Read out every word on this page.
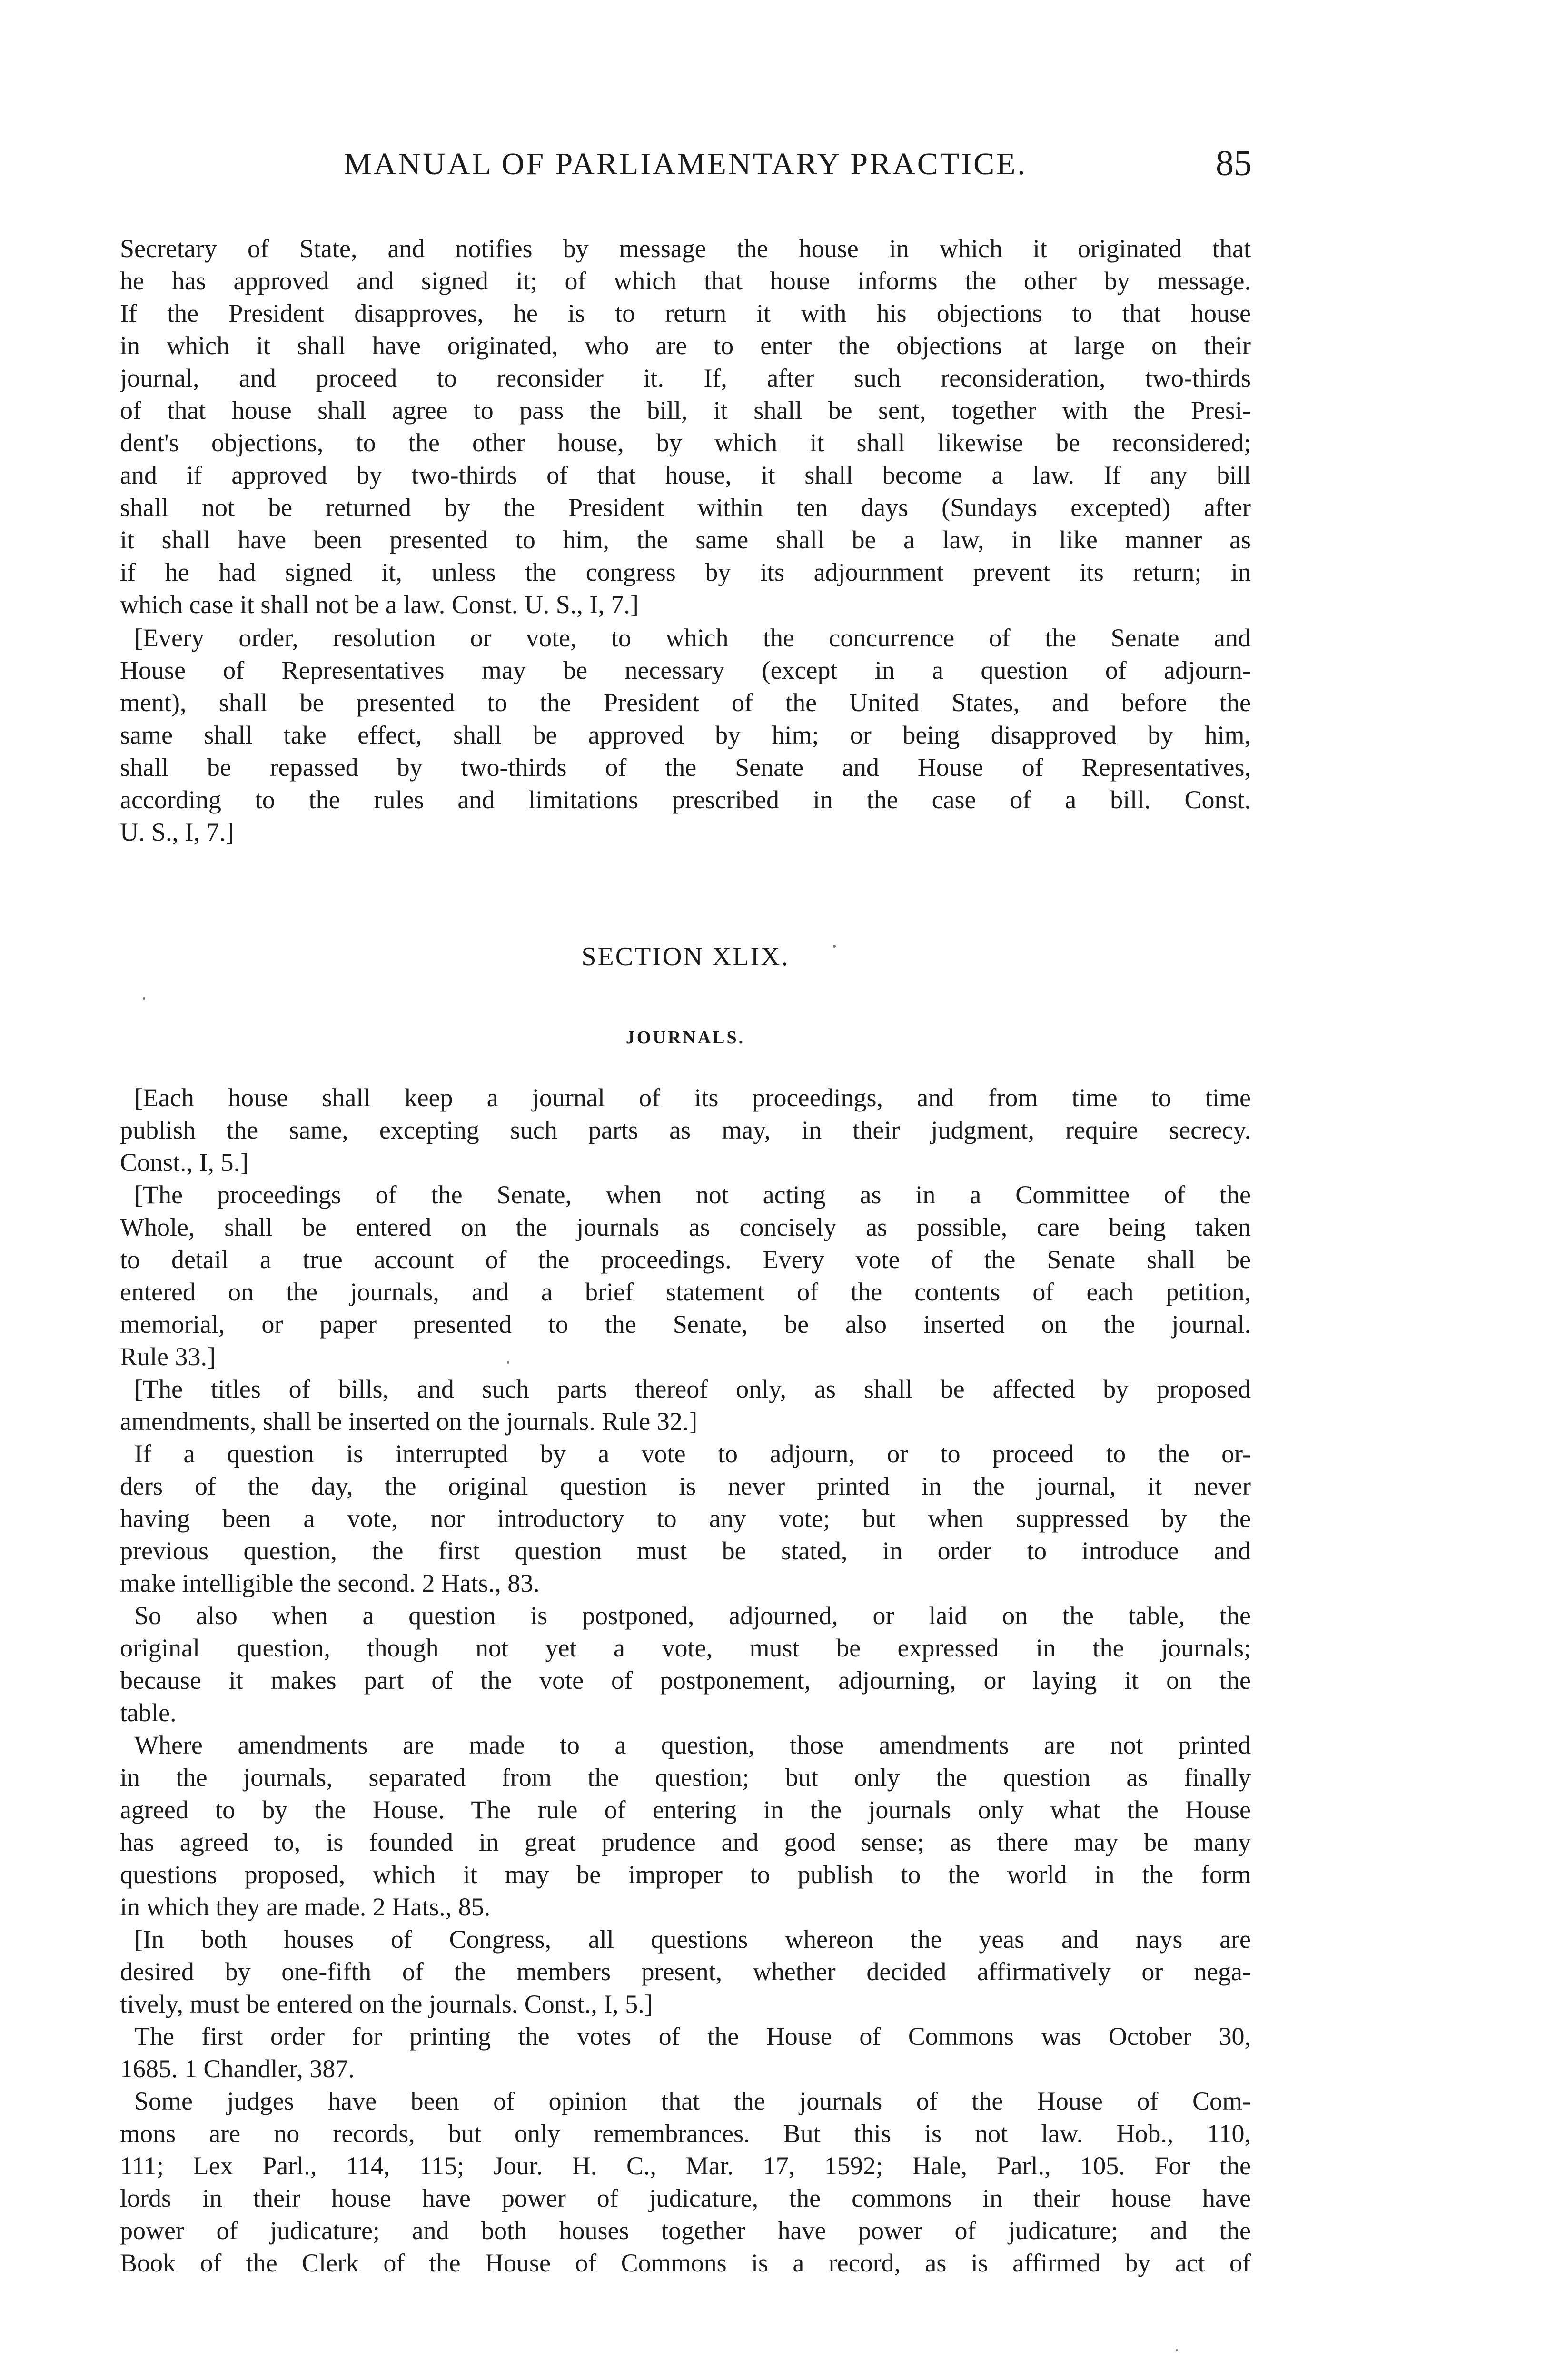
MANUAL OF PARLIAMENTARY PRACTICE.	85
Secretary of State, and notifies by message the house in which it originated that
he has approved and signed it; of which that house informs the other by message.
If the President disapproves, he is to return it with his objections to that house
in which it shall have originated, who are to enter the objections at large on their
journal, and proceed to reconsider it. If, after such reconsideration, two-thirds
of that house shall agree to pass the bill, it shall be sent, together with the Presi-
dent's objections, to the other house, by which it shall likewise be reconsidered;
and if approved by two-thirds of that house, it shall become a law. If any bill
shall not be returned by the President within ten days (Sundays excepted) after
it shall have been presented to him, the same shall be a law, in like manner as
if he had signed it, unless the congress by its adjournment prevent its return; in
which case it shall not be a law. Const. U. S., I, 7.]
[Every order, resolution or vote, to which the concurrence of the Senate and
House of Representatives may be necessary (except in a question of adjourn-
ment), shall be presented to the President of the United States, and before the
same shall take effect, shall be approved by him; or being disapproved by him,
shall be repassed by two-thirds of the Senate and House of Representatives,
according to the rules and limitations prescribed in the case of a bill. Const.
U. S., I, 7.]
SECTION XLIX.
JOURNALS.
[Each house shall keep a journal of its proceedings, and from time to time
publish the same, excepting such parts as may, in their judgment, require secrecy.
Const., I, 5.]
[The proceedings of the Senate, when not acting as in a Committee of the
Whole, shall be entered on the journals as concisely as possible, care being taken
to detail a true account of the proceedings. Every vote of the Senate shall be
entered on the journals, and a brief statement of the contents of each petition,
memorial, or paper presented to the Senate, be also inserted on the journal.
Rule 33.]
[The titles of bills, and such parts thereof only, as shall be affected by proposed
amendments, shall be inserted on the journals. Rule 32.]
If a question is interrupted by a vote to adjourn, or to proceed to the or-
ders of the day, the original question is never printed in the journal, it never
having been a vote, nor introductory to any vote; but when suppressed by the
previous question, the first question must be stated, in order to introduce and
make intelligible the second. 2 Hats., 83.
So also when a question is postponed, adjourned, or laid on the table, the
original question, though not yet a vote, must be expressed in the journals;
because it makes part of the vote of postponement, adjourning, or laying it on the
table.
Where amendments are made to a question, those amendments are not printed
in the journals, separated from the question; but only the question as finally
agreed to by the House. The rule of entering in the journals only what the House
has agreed to, is founded in great prudence and good sense; as there may be many
questions proposed, which it may be improper to publish to the world in the form
in which they are made. 2 Hats., 85.
[In both houses of Congress, all questions whereon the yeas and nays are
desired by one-fifth of the members present, whether decided affirmatively or nega-
tively, must be entered on the journals. Const., I, 5.]
The first order for printing the votes of the House of Commons was October 30,
1685. 1 Chandler, 387.
Some judges have been of opinion that the journals of the House of Com-
mons are no records, but only remembrances. But this is not law. Hob., 110,
111; Lex Parl., 114, 115; Jour. H. C., Mar. 17, 1592; Hale, Parl., 105. For the
lords in their house have power of judicature, the commons in their house have
power of judicature; and both houses together have power of judicature; and the
Book of the Clerk of the House of Commons is a record, as is affirmed by act of
